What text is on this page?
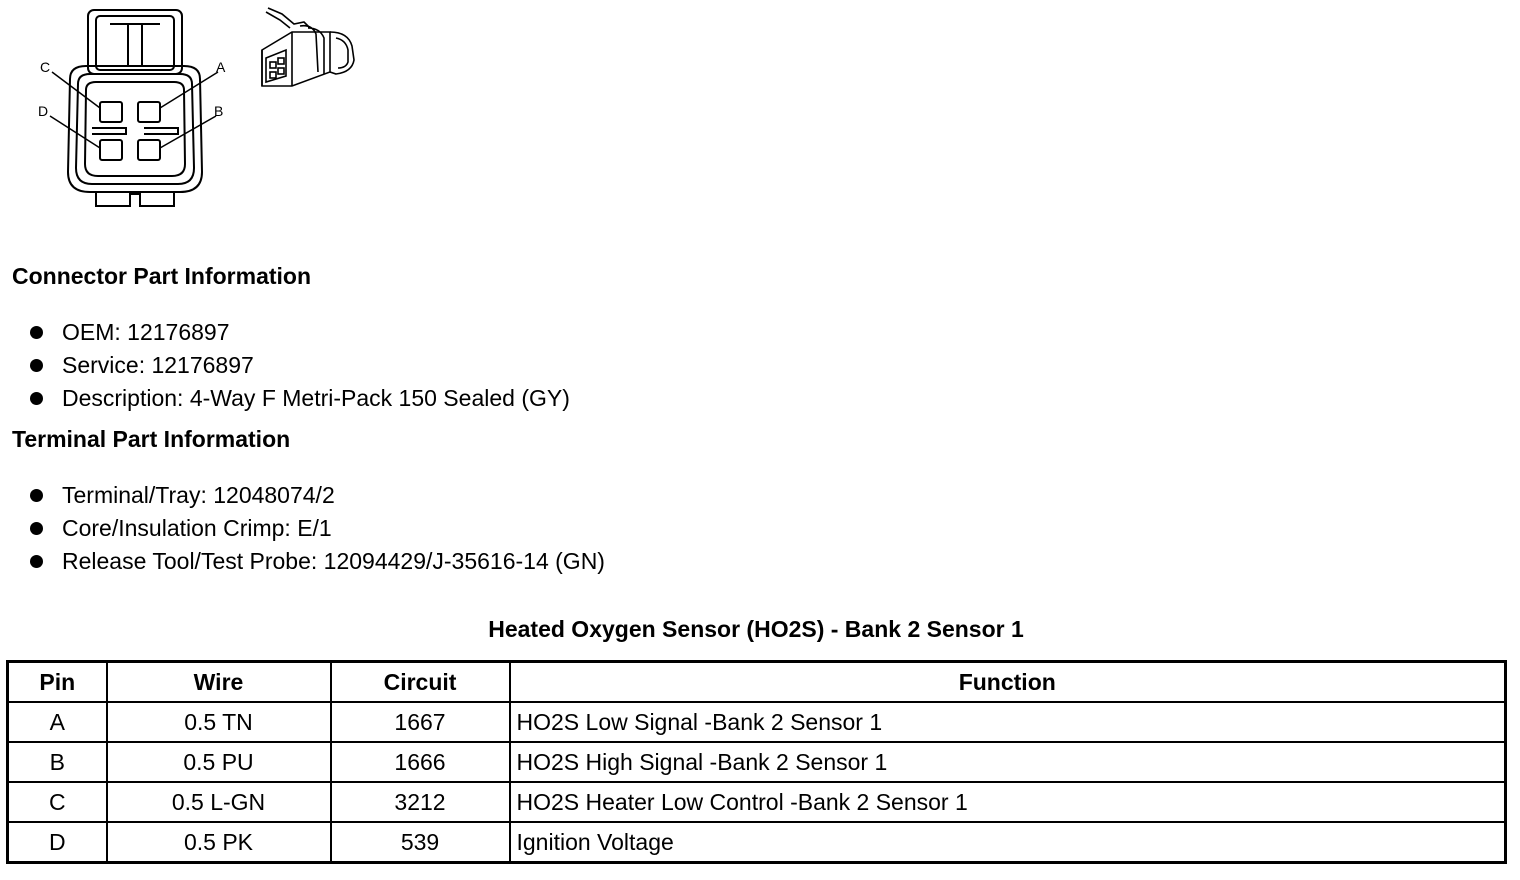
C	A
D	B
Connector Part Information
OEM: 12176897
Service: 12176897
Description: 4-Way F Metri-Pack 150 Sealed (GY)
Terminal Part Information
Terminal/Tray: 12048074/2
Core/Insulation Crimp: E/1
Release Tool/Test Probe: 12094429/J-35616-14 (GN)
Heated Oxygen Sensor (HO2S) - Bank 2 Sensor 1
Pin	Wire	Circuit	Function
A	0.5 TN	1667	HO2S Low Signal -Bank 2 Sensor 1
B	0.5 PU	1666	HO2S High Signal -Bank 2 Sensor 1
C	0.5 L-GN	3212	HO2S Heater Low Control -Bank 2 Sensor 1
D	0.5 PK	539	Ignition Voltage
